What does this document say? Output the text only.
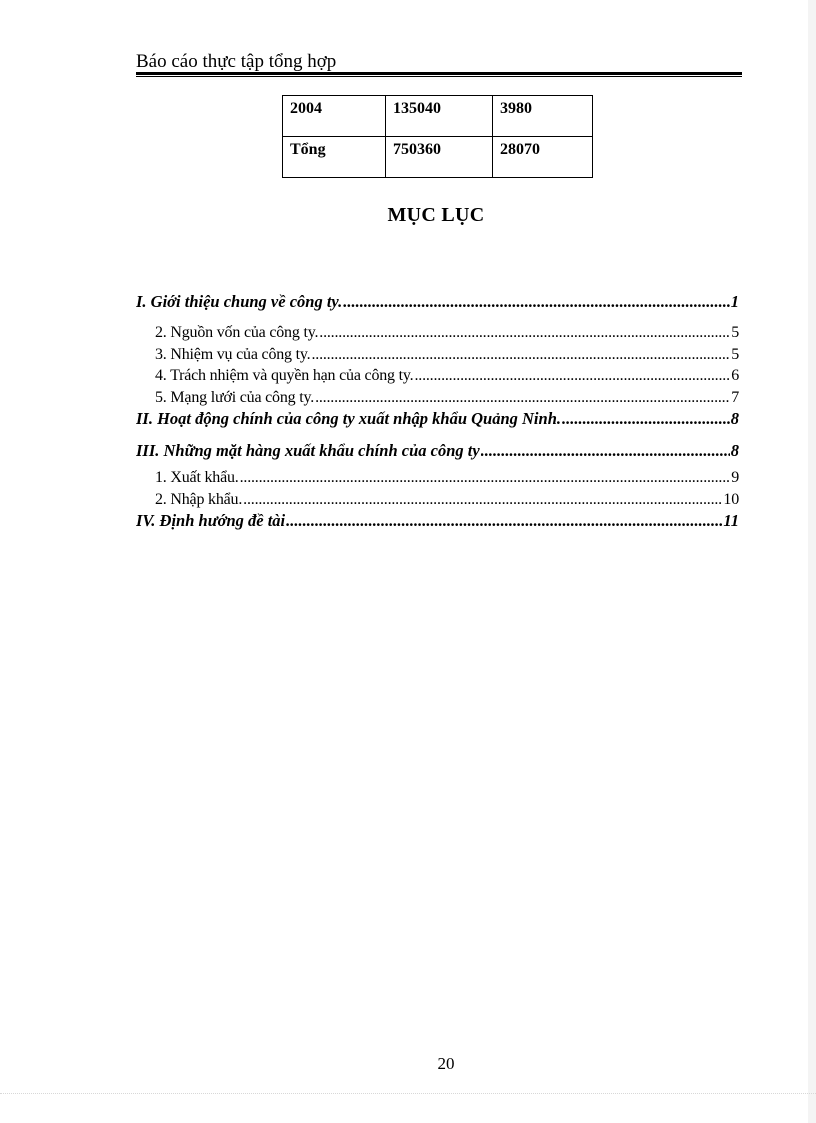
Báo cáo thực tập tổng hợp
2004	135040	3980

Tổng	750360	28070
MỤC LỤC
I. Giới thiệu chung về công ty. .....	1
2. Nguồn vốn của công ty. .....	5
3. Nhiệm vụ của công ty. .....	5
4. Trách nhiệm và quyền hạn của công ty. .....	6
5. Mạng lưới của công ty. .....	7
II. Hoạt động chính của công ty xuất nhập khẩu Quảng Ninh. .....	8
III. Những mặt hàng xuất khẩu chính của công ty .....	8
1. Xuất khẩu. .....	9
2. Nhập khẩu. .....	10
IV. Định hướng đề tài .....	11
20
